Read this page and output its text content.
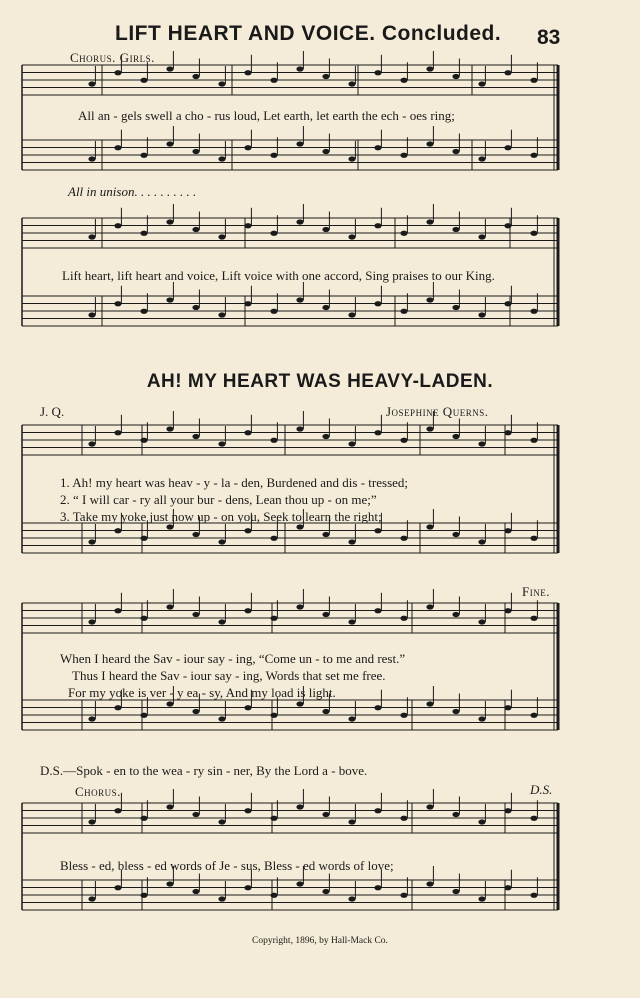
LIFT HEART AND VOICE. Concluded. 83
Chorus. Girls.
All an - gels swell a cho - rus loud, Let earth, let earth the ech - oes ring;
All in unison. . . . . . . . . .
Lift heart, lift heart and voice, Lift voice with one accord, Sing praises to our King.
AH! MY HEART WAS HEAVY-LADEN.
J. Q.	Josephine Querns.
1. Ah! my heart was heav - y - la - den, Burdened and dis - tressed;
2. “ I will car - ry all your bur - dens, Lean thou up - on me;”
3. Take my yoke just now up - on you, Seek to learn the right;
Fine.
When I heard the Sav - iour say - ing, “Come un - to me and rest.”
Thus I heard the Sav - iour say - ing, Words that set me free.
For my yoke is ver - y ea - sy, And my load is light.
D.S.—Spok - en to the wea - ry sin - ner, By the Lord a - bove.
Chorus.	D.S.
Bless - ed, bless - ed words of Je - sus, Bless - ed words of love;
Copyright, 1896, by Hall-Mack Co.
